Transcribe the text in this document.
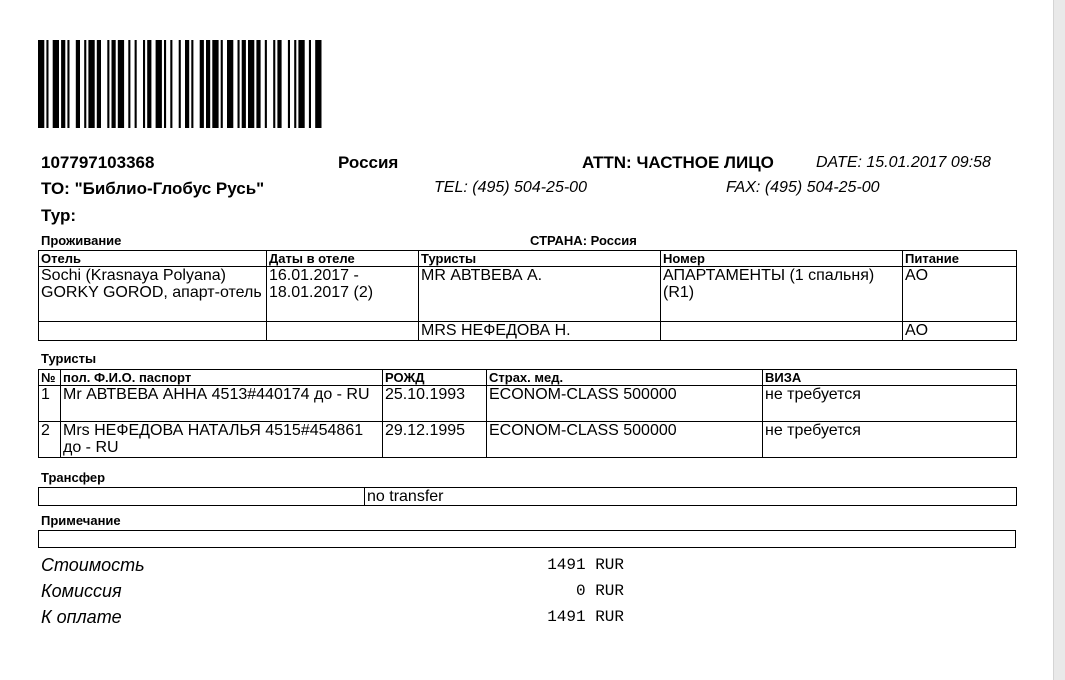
107797103368	Россия	ATTN: ЧАСТНОЕ ЛИЦО	DATE: 15.01.2017 09:58
ТО: "Библио-Глобус Русь"	TEL: (495) 504-25-00	FAX: (495) 504-25-00
Тур:
Проживание	СТРАНА: Россия
Отель	Даты в отеле	Туристы	Номер	Питание
Sochi (Krasnaya Polyana) GORKY GOROD, апарт-отель	16.01.2017 - 18.01.2017 (2)	MR АВТВЕВА А.	АПАРТАМЕНТЫ (1 спальня)(R1)	AO
		MRS НЕФЕДОВА Н.		AO
Туристы
№	пол. Ф.И.О. паспорт	РОЖД	Страх. мед.	ВИЗА
1	Mr АВТВЕВА АННА 4513#440174 до - RU	25.10.1993	ECONOM-CLASS 500000	не требуется
2	Mrs НЕФЕДОВА НАТАЛЬЯ 4515#454861 до - RU	29.12.1995	ECONOM-CLASS 500000	не требуется
Трансфер
	no transfer
Примечание
Стоимость	1491 RUR
Комиссия	0 RUR
К оплате	1491 RUR
